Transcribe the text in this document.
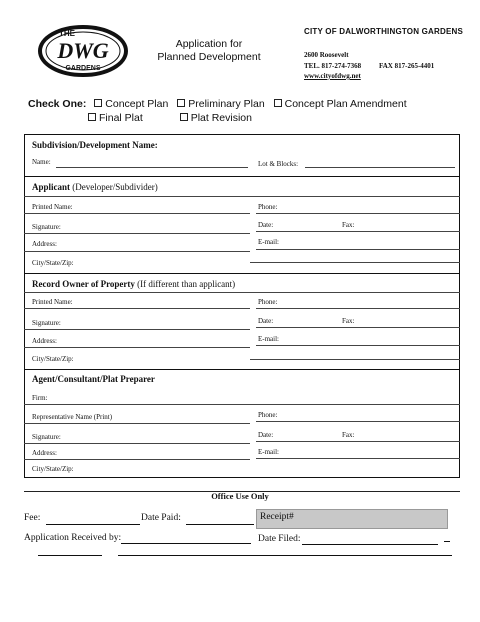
THE
DWG
GARDENS
Application for
Planned Development
CITY OF DALWORTHINGTON GARDENS
2600 Roosevelt
TEL. 817-274-7368	FAX 817-265-4401
www.cityofdwg.net
Check One: Concept Plan Preliminary Plan Concept Plan Amendment
Final Plat	Plat Revision
Subdivision/Development Name:
Name:	Lot & Blocks:
Applicant (Developer/Subdivider)
Printed Name:	Phone:
Signature:	Date:	Fax:
Address:	E-mail:
City/State/Zip:
Record Owner of Property (If different than applicant)
Printed Name:	Phone:
Signature:	Date:	Fax:
Address:	E-mail:
City/State/Zip:
Agent/Consultant/Plat Preparer
Firm:
Representative Name (Print)	Phone:
Signature:	Date:	Fax:
Address:	E-mail:
City/State/Zip:
Office Use Only
Fee:	Date Paid:	Receipt#
Application Received by:	Date Filed:
